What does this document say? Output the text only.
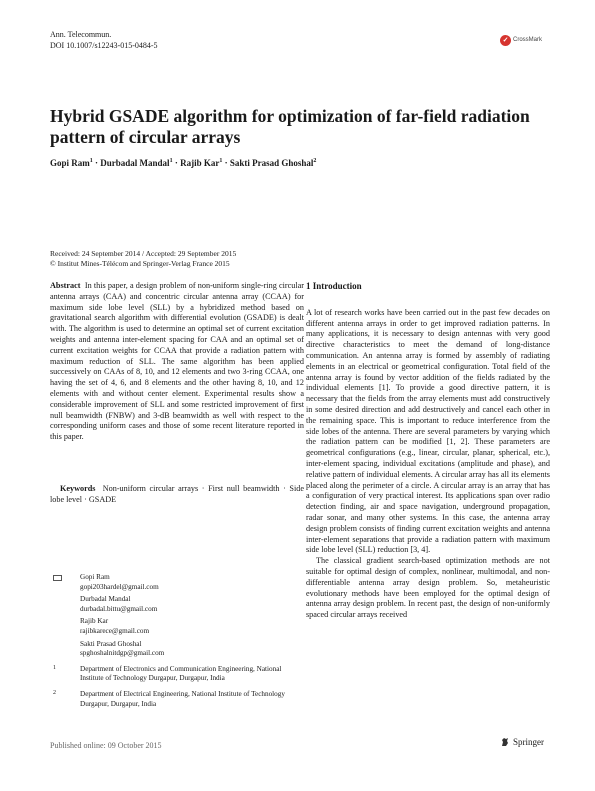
Ann. Telecommun.
DOI 10.1007/s12243-015-0484-5
✓ CrossMark
Hybrid GSADE algorithm for optimization of far-field radiation pattern of circular arrays
Gopi Ram$^1$ · Durbadal Mandal$^1$ · Rajib Kar$^1$ · Sakti Prasad Ghoshal$^2$
Received: 24 September 2014 / Accepted: 29 September 2015
© Institut Mines-Télécom and Springer-Verlag France 2015

Abstract In this paper, a design problem of non-uniform single-ring circular antenna arrays (CAA) and concentric circular antenna array (CCAA) for maximum side lobe level (SLL) by a hybridized method based on gravitational search algorithm with differential evolution (GSADE) is dealt with. The algorithm is used to determine an optimal set of current excitation weights and antenna inter-element spacing for CAA and an optimal set of current excitation weights for CCAA that provide a radiation pattern with maximum reduction of SLL. The same algorithm has been applied successively on CAAs of 8, 10, and 12 elements and two 3-ring CCAA, one having the set of 4, 6, and 8 elements and the other having 8, 10, and 12 elements with and without center element. Experimental results show a considerable improvement of SLL and some restricted improvement of first null beamwidth (FNBW) and 3-dB beamwidth as well with respect to the corresponding uniform cases and those of some recent literature reported in this paper.

Keywords Non-uniform circular arrays · First null beamwidth · Side lobe level · GSADE

Gopi Ram
gopi203hardel@gmail.com
Durbadal Mandal
durbadal.bittu@gmail.com
Rajib Kar
rajibkarece@gmail.com
Sakti Prasad Ghoshal
spghoshalnitdgp@gmail.com
1	Department of Electronics and Communication Engineering, National Institute of Technology Durgapur, Durgapur, India
2	Department of Electrical Engineering, National Institute of Technology Durgapur, Durgapur, India
1 Introduction

A lot of research works have been carried out in the past few decades on different antenna arrays in order to get improved radiation patterns. In many applications, it is necessary to design antennas with very good directive characteristics to meet the demand of long-distance communication. An antenna array is formed by assembly of radiating elements in an electrical or geometrical configuration. Total field of the antenna array is found by vector addition of the fields radiated by the individual elements [1]. To provide a good directive pattern, it is necessary that the fields from the array elements must add constructively in some desired direction and add destructively and cancel each other in the remaining space. This is important to reduce interference from the side lobes of the antenna. There are several parameters by varying which the radiation pattern can be modified [1, 2]. These parameters are geometrical configurations (e.g., linear, circular, planar, spherical, etc.), inter-element spacing, individual excitations (amplitude and phase), and relative pattern of individual elements. A circular array has all its elements placed along the perimeter of a circle. A circular array is an array that has a configuration of very practical interest. Its applications span over radio detection finding, air and space navigation, underground propagation, radar sonar, and many other systems. In this case, the antenna array design problem consists of finding current excitation weights and antenna inter-element separations that provide a radiation pattern with maximum side lobe level (SLL) reduction [3, 4].

The classical gradient search-based optimization methods are not suitable for optimal design of complex, nonlinear, multimodal, and non-differentiable antenna array design problem. So, metaheuristic evolutionary methods have been employed for the optimal design of antenna array design problem. In recent past, the design of non-uniformly spaced circular arrays received

Published online: 09 October 2015	Springer
